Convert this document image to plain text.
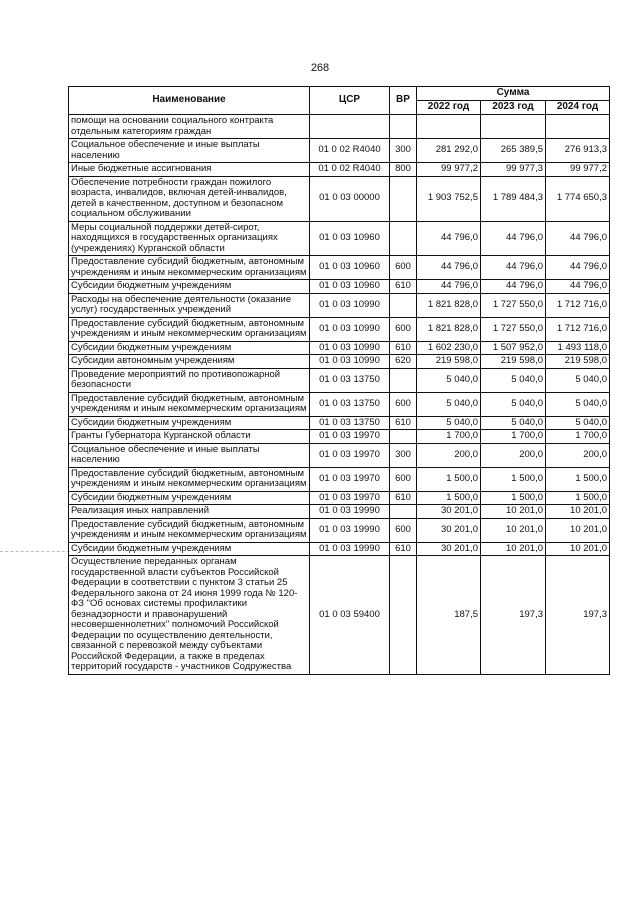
268
Наименование	ЦСР	ВР	Сумма		
			2022 год	2023 год	2024 год
помощи на основании социального контракта отдельным категориям граждан					
Социальное обеспечение и иные выплаты населению	01 0 02 R4040	300	281 292,0	265 389,5	276 913,3
Иные бюджетные ассигнования	01 0 02 R4040	800	99 977,2	99 977,3	99 977,2
Обеспечение потребности граждан пожилого возраста, инвалидов, включая детей-инвалидов, детей в качественном, доступном и безопасном социальном обслуживании	01 0 03 00000		1 903 752,5	1 789 484,3	1 774 650,3
Меры социальной поддержки детей-сирот, находящихся в государственных организациях (учреждениях) Курганской области	01 0 03 10960		44 796,0	44 796,0	44 796,0
Предоставление субсидий бюджетным, автономным учреждениям и иным некоммерческим организациям	01 0 03 10960	600	44 796,0	44 796,0	44 796,0
Субсидии бюджетным учреждениям	01 0 03 10960	610	44 796,0	44 796,0	44 796,0
Расходы на обеспечение деятельности (оказание услуг) государственных учреждений	01 0 03 10990		1 821 828,0	1 727 550,0	1 712 716,0
Предоставление субсидий бюджетным, автономным учреждениям и иным некоммерческим организациям	01 0 03 10990	600	1 821 828,0	1 727 550,0	1 712 716,0
Субсидии бюджетным учреждениям	01 0 03 10990	610	1 602 230,0	1 507 952,0	1 493 118,0
Субсидии автономным учреждениям	01 0 03 10990	620	219 598,0	219 598,0	219 598,0
Проведение мероприятий по противопожарной безопасности	01 0 03 13750		5 040,0	5 040,0	5 040,0
Предоставление субсидий бюджетным, автономным учреждениям и иным некоммерческим организациям	01 0 03 13750	600	5 040,0	5 040,0	5 040,0
Субсидии бюджетным учреждениям	01 0 03 13750	610	5 040,0	5 040,0	5 040,0
Гранты Губернатора Курганской области	01 0 03 19970		1 700,0	1 700,0	1 700,0
Социальное обеспечение и иные выплаты населению	01 0 03 19970	300	200,0	200,0	200,0
Предоставление субсидий бюджетным, автономным учреждениям и иным некоммерческим организациям	01 0 03 19970	600	1 500,0	1 500,0	1 500,0
Субсидии бюджетным учреждениям	01 0 03 19970	610	1 500,0	1 500,0	1 500,0
Реализация иных направлений	01 0 03 19990		30 201,0	10 201,0	10 201,0
Предоставление субсидий бюджетным, автономным учреждениям и иным некоммерческим организациям	01 0 03 19990	600	30 201,0	10 201,0	10 201,0
Субсидии бюджетным учреждениям	01 0 03 19990	610	30 201,0	10 201,0	10 201,0
Осуществление переданных органам государственной власти субъектов Российской Федерации в соответствии с пунктом 3 статьи 25 Федерального закона от 24 июня 1999 года № 120-ФЗ "Об основах системы профилактики безнадзорности и правонарушений несовершеннолетних" полномочий Российской Федерации по осуществлению деятельности, связанной с перевозкой между субъектами Российской Федерации, а также в пределах территорий государств - участников Содружества	01 0 03 59400		187,5	197,3	197,3
